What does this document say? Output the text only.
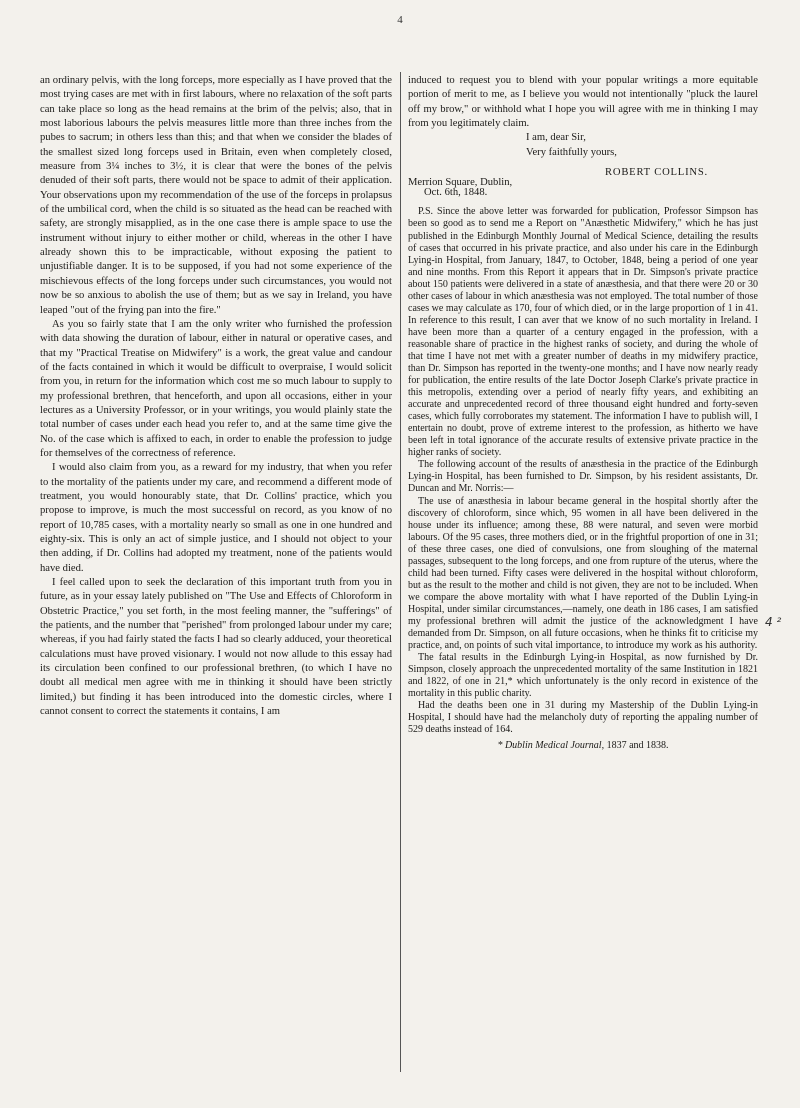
4

an ordinary pelvis, with the long forceps, more especially as I have proved that the most trying cases are met with in first labours, where no relaxation of the soft parts can take place so long as the head remains at the brim of the pelvis; also, that in most laborious labours the pelvis measures little more than three inches from the pubes to sacrum; in others less than this; and that when we consider the blades of the smallest sized long forceps used in Britain, even when completely closed, measure from 3¼ inches to 3½, it is clear that were the bones of the pelvis denuded of their soft parts, there would not be space to admit of their application. Your observations upon my recommendation of the use of the forceps in prolapsus of the umbilical cord, when the child is so situated as the head can be reached with safety, are strongly misapplied, as in the one case there is ample space to use the instrument without injury to either mother or child, whereas in the other I have already shown this to be impracticable, without exposing the patient to unjustifiable danger. It is to be supposed, if you had not some experience of the mischievous effects of the long forceps under such circumstances, you would not now be so anxious to abolish the use of them; but as we say in Ireland, you have leaped "out of the frying pan into the fire."

As you so fairly state that I am the only writer who furnished the profession with data showing the duration of labour, either in natural or operative cases, and that my "Practical Treatise on Midwifery" is a work, the great value and candour of the facts contained in which it would be difficult to overpraise, I would solicit from you, in return for the information which cost me so much labour to supply to my professional brethren, that henceforth, and upon all occasions, either in your lectures as a University Professor, or in your writings, you would plainly state the total number of cases under each head you refer to, and at the same time give the No. of the case which is affixed to each, in order to enable the profession to judge for themselves of the correctness of reference.

I would also claim from you, as a reward for my industry, that when you refer to the mortality of the patients under my care, and recommend a different mode of treatment, you would honourably state, that Dr. Collins' practice, which you propose to improve, is much the most successful on record, as you know of no report of 10,785 cases, with a mortality nearly so small as one in one hundred and eighty-six. This is only an act of simple justice, and I should not object to your then adding, if Dr. Collins had adopted my treatment, none of the patients would have died.

I feel called upon to seek the declaration of this important truth from you in future, as in your essay lately published on "The Use and Effects of Chloroform in Obstetric Practice," you set forth, in the most feeling manner, the "sufferings" of the patients, and the number that "perished" from prolonged labour under my care; whereas, if you had fairly stated the facts I had so clearly adduced, your theoretical calculations must have proved visionary. I would not now allude to this essay had its circulation been confined to our professional brethren, (to which I have no doubt all medical men agree with me in thinking it should have been strictly limited,) but finding it has been introduced into the domestic circles, where I cannot consent to correct the statements it contains, I am

induced to request you to blend with your popular writings a more equitable portion of merit to me, as I believe you would not intentionally "pluck the laurel off my brow," or withhold what I hope you will agree with me in thinking I may from you legitimately claim.

I am, dear Sir,

Very faithfully yours,

ROBERT COLLINS.
Merrion Square, Dublin,

Oct. 6th, 1848.

P.S. Since the above letter was forwarded for publication, Professor Simpson has been so good as to send me a Report on "Anæsthetic Midwifery," which he has just published in the Edinburgh Monthly Journal of Medical Science, detailing the results of cases that occurred in his private practice, and also under his care in the Edinburgh Lying-in Hospital, from January, 1847, to October, 1848, being a period of one year and nine months. From this Report it appears that in Dr. Simpson's private practice about 150 patients were delivered in a state of anæsthesia, and that there were 20 or 30 other cases of labour in which anæsthesia was not employed. The total number of those cases we may calculate as 170, four of which died, or in the large proportion of 1 in 41. In reference to this result, I can aver that we know of no such mortality in Ireland. I have been more than a quarter of a century engaged in the profession, with a reasonable share of practice in the highest ranks of society, and during the whole of that time I have not met with a greater number of deaths in my midwifery practice, than Dr. Simpson has reported in the twenty-one months; and I have now nearly ready for publication, the entire results of the late Doctor Joseph Clarke's private practice in this metropolis, extending over a period of nearly fifty years, and exhibiting an accurate and unprecedented record of three thousand eight hundred and forty-seven cases, which fully corroborates my statement. The information I have to publish will, I entertain no doubt, prove of extreme interest to the profession, as hitherto we have been left in total ignorance of the accurate results of extensive private practice in the higher ranks of society.

The following account of the results of anæsthesia in the practice of the Edinburgh Lying-in Hospital, has been furnished to Dr. Simpson, by his resident assistants, Dr. Duncan and Mr. Norris:—

The use of anæsthesia in labour became general in the hospital shortly after the discovery of chloroform, since which, 95 women in all have been delivered in the house under its influence; among these, 88 were natural, and seven were morbid labours. Of the 95 cases, three mothers died, or in the frightful proportion of one in 31; of these three cases, one died of convulsions, one from sloughing of the maternal passages, subsequent to the long forceps, and one from rupture of the uterus, where the child had been turned. Fifty cases were delivered in the hospital without chloroform, but as the result to the mother and child is not given, they are not to be included. When we compare the above mortality with what I have reported of the Dublin Lying-in Hospital, under similar circumstances,—namely, one death in 186 cases, I am satisfied my professional brethren will admit the justice of the acknowledgment I have demanded from Dr. Simpson, on all future occasions, when he thinks fit to criticise my practice, and, on points of such vital importance, to introduce my work as his authority.

The fatal results in the Edinburgh Lying-in Hospital, as now furnished by Dr. Simpson, closely approach the unprecedented mortality of the same Institution in 1821 and 1822, of one in 21,* which unfortunately is the only record in existence of the mortality in this public charity.

Had the deaths been one in 31 during my Mastership of the Dublin Lying-in Hospital, I should have had the melancholy duty of reporting the appaling number of 529 deaths instead of 164.

* Dublin Medical Journal, 1837 and 1838.
4 ²
